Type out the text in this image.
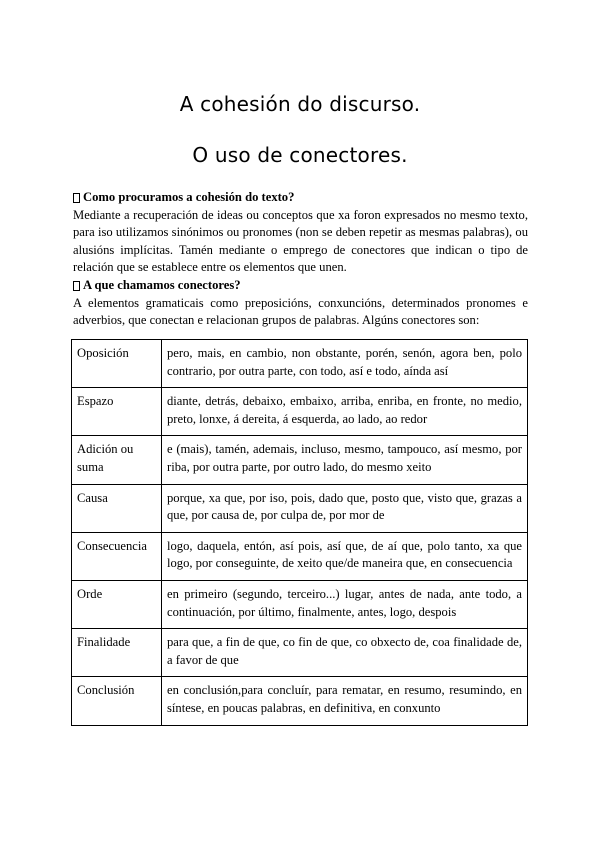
A cohesión do discurso.
O uso de conectores.
Como procuramos a cohesión do texto?
Mediante a recuperación de ideas ou conceptos que xa foron expresados no mesmo texto, para iso utilizamos sinónimos ou pronomes (non se deben repetir as mesmas palabras), ou alusións implícitas. Tamén mediante o emprego de conectores que indican o tipo de relación que se establece entre os elementos que unen.
A que chamamos conectores?
A elementos gramaticais como preposicións, conxuncións, determinados pronomes e adverbios, que conectan e relacionan grupos de palabras. Algúns conectores son:
Oposición	pero, mais, en cambio, non obstante, porén, senón, agora ben, polo contrario, por outra parte, con todo, así e todo, aínda así
Espazo	diante, detrás, debaixo, embaixo, arriba, enriba, en fronte, no medio, preto, lonxe, á dereita, á esquerda, ao lado, ao redor
Adición ou suma	e (mais), tamén, ademais, incluso, mesmo, tampouco, así mesmo, por riba, por outra parte, por outro lado, do mesmo xeito
Causa	porque, xa que, por iso, pois, dado que, posto que, visto que, grazas a que, por causa de, por culpa de, por mor de
Consecuencia	logo, daquela, entón, así pois, así que, de aí que, polo tanto, xa que logo, por conseguinte, de xeito que/de maneira que, en consecuencia
Orde	en primeiro (segundo, terceiro...) lugar, antes de nada, ante todo, a continuación, por último, finalmente, antes, logo, despois
Finalidade	para que, a fin de que, co fin de que, co obxecto de, coa finalidade de, a favor de que
Conclusión	en conclusión,para concluír, para rematar, en resumo, resumindo, en síntese, en poucas palabras, en definitiva, en conxunto
